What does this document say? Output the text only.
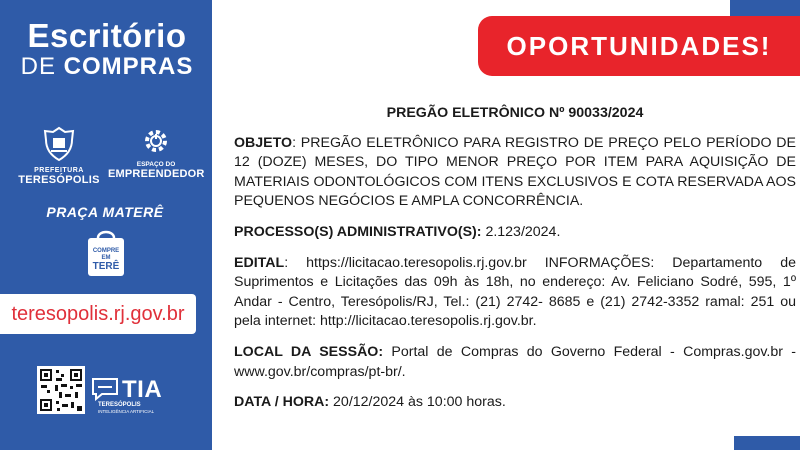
Escritório
DE COMPRAS
PREFEITURA
TERESÓPOLIS
ESPAÇO DO
EMPREENDEDOR
PRAÇA MATERÊ
COMPRE
EM
TERÊ
teresopolis.rj.gov.br
TIA
TERESÓPOLIS
INTELIGÊNCIA ARTIFICIAL
OPORTUNIDADES!

PREGÃO ELETRÔNICO Nº 90033/2024

OBJETO: PREGÃO ELETRÔNICO PARA REGISTRO DE PREÇO PELO PERÍODO DE 12 (DOZE) MESES, DO TIPO MENOR PREÇO POR ITEM PARA AQUISIÇÃO DE MATERIAIS ODONTOLÓGICOS COM ITENS EXCLUSIVOS E COTA RESERVADA AOS PEQUENOS NEGÓCIOS E AMPLA CONCORRÊNCIA.

PROCESSO(S) ADMINISTRATIVO(S): 2.123/2024.

EDITAL: https://licitacao.teresopolis.rj.gov.br INFORMAÇÕES: Departamento de Suprimentos e Licitações das 09h às 18h, no endereço: Av. Feliciano Sodré, 595, 1º Andar - Centro, Teresópolis/RJ, Tel.: (21) 2742- 8685 e (21) 2742-3352 ramal: 251 ou pela internet: http://licitacao.teresopolis.rj.gov.br.

LOCAL DA SESSÃO: Portal de Compras do Governo Federal - Compras.gov.br - www.gov.br/compras/pt-br/.

DATA / HORA: 20/12/2024 às 10:00 horas.
